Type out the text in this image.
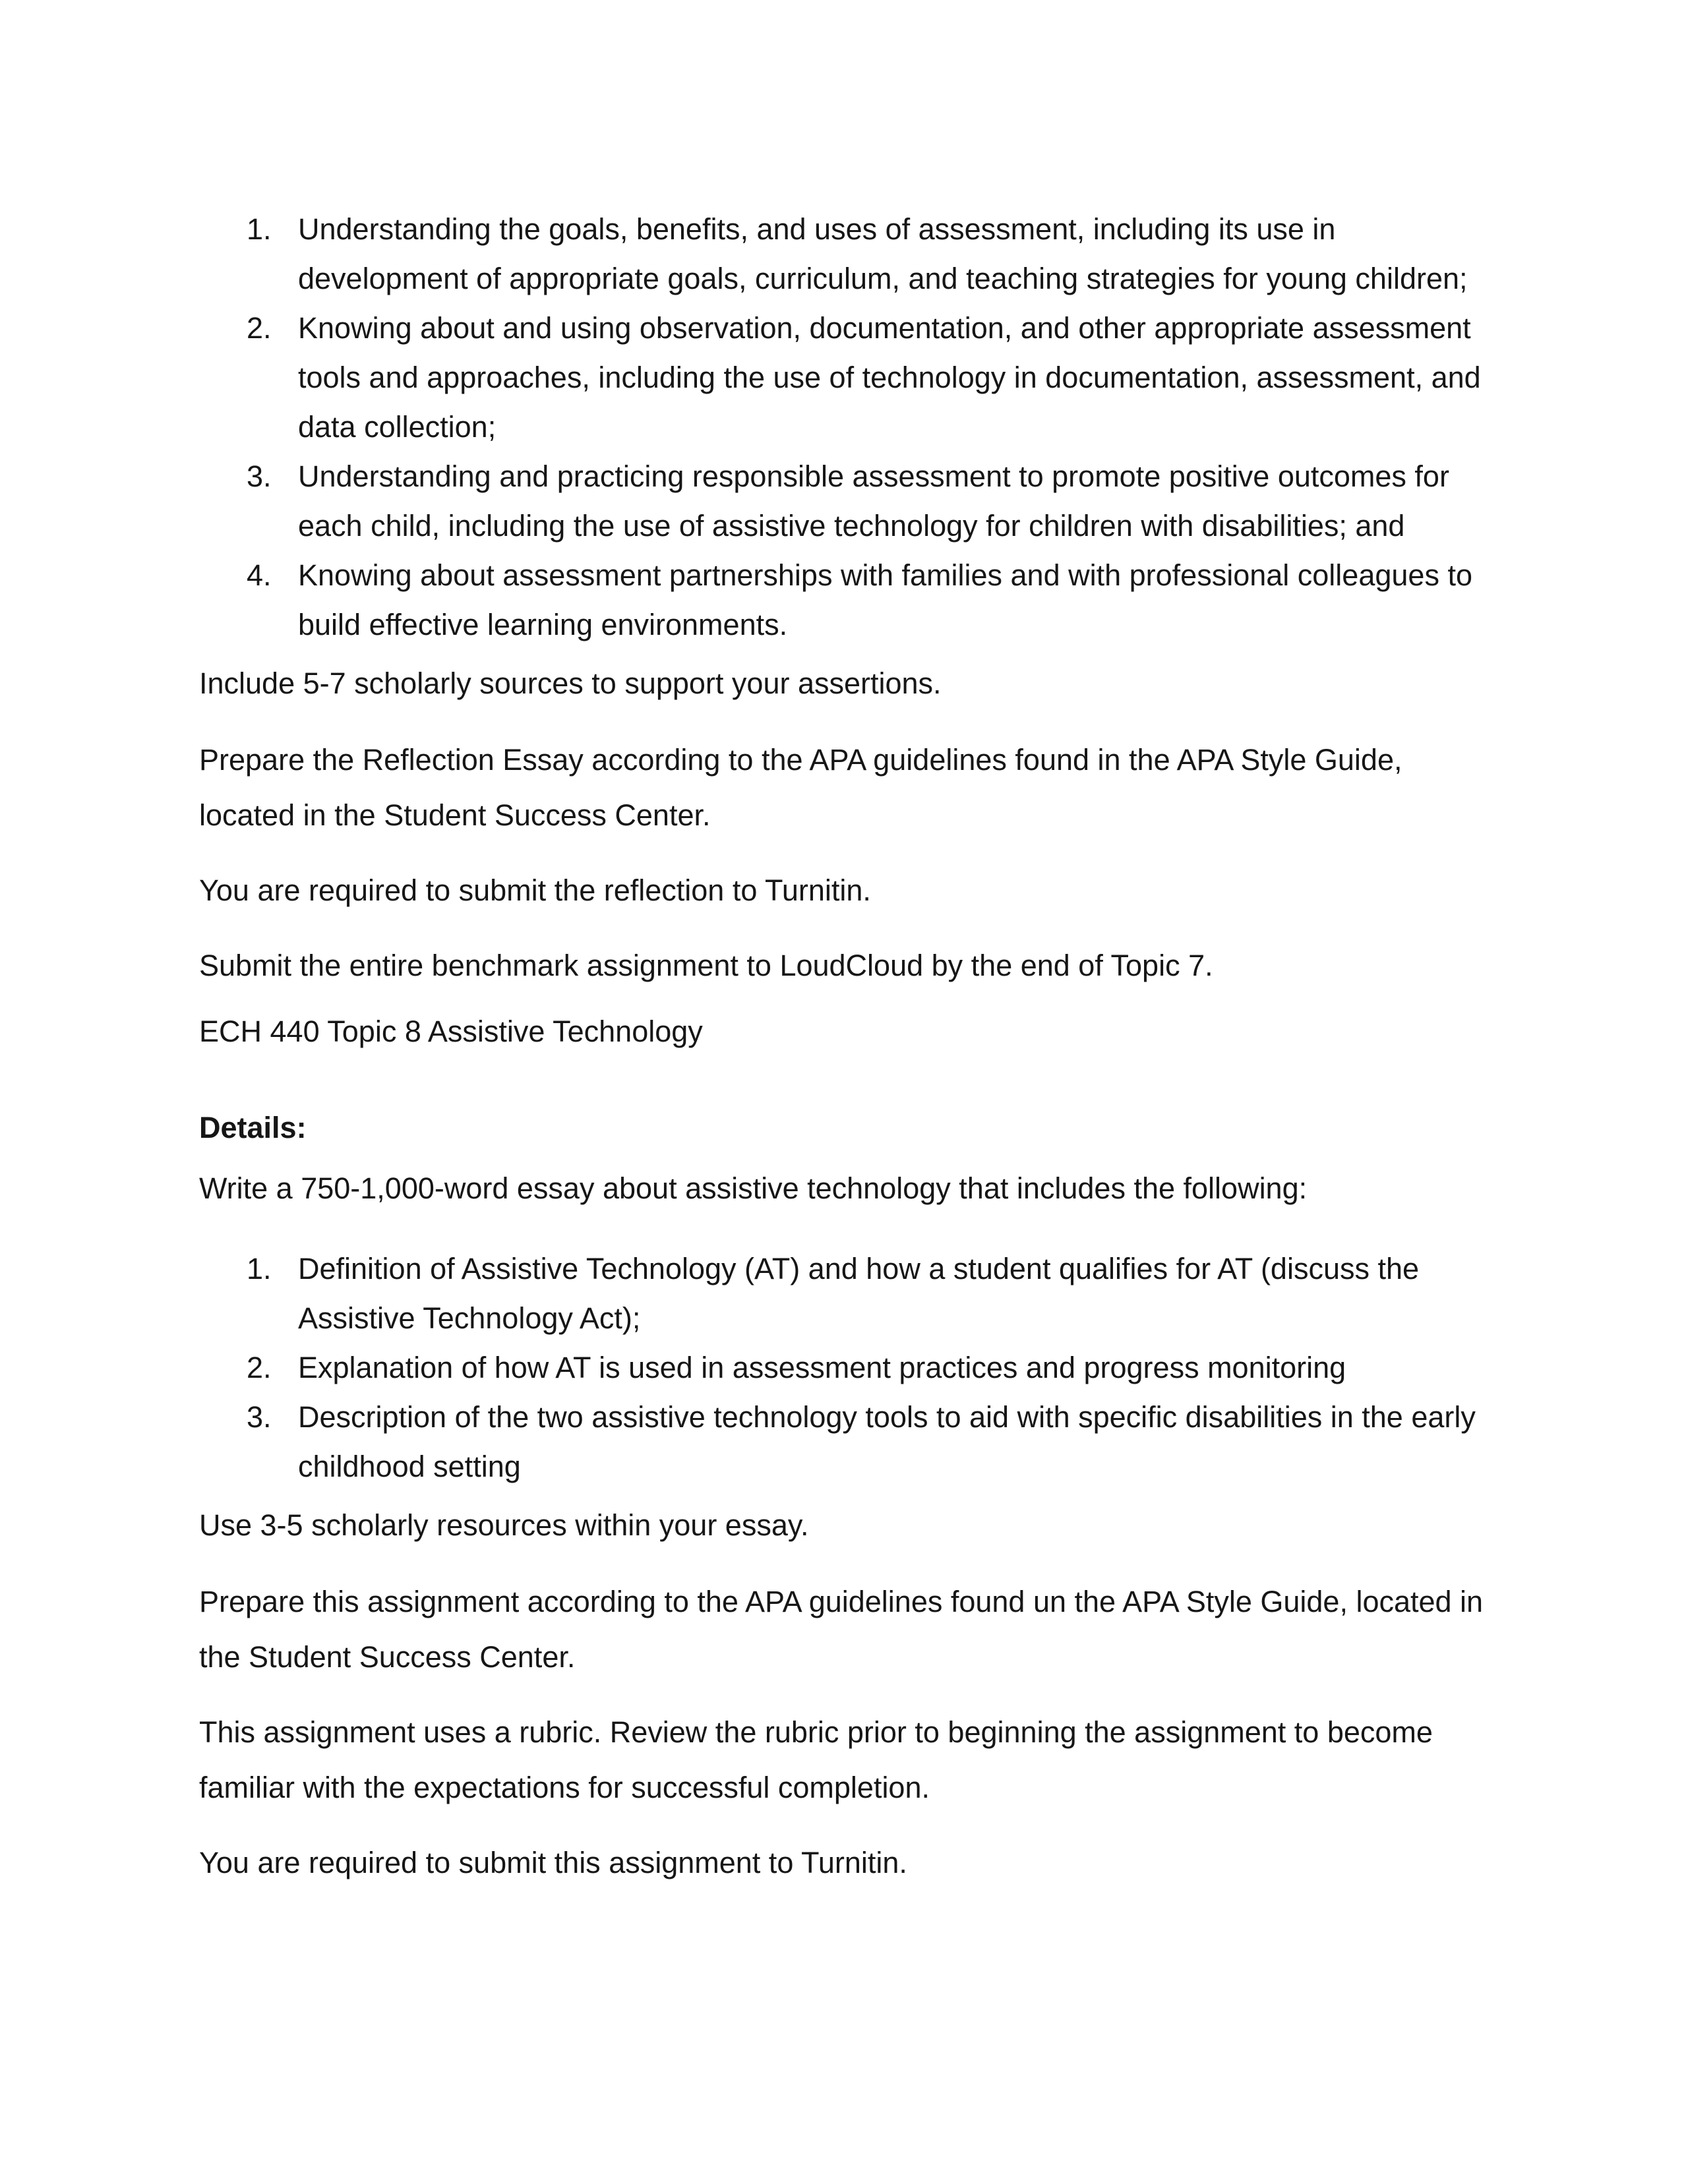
1. Understanding the goals, benefits, and uses of assessment, including its use in development of appropriate goals, curriculum, and teaching strategies for young children;
2. Knowing about and using observation, documentation, and other appropriate assessment tools and approaches, including the use of technology in documentation, assessment, and data collection;
3. Understanding and practicing responsible assessment to promote positive outcomes for each child, including the use of assistive technology for children with disabilities; and
4. Knowing about assessment partnerships with families and with professional colleagues to build effective learning environments.

Include 5-7 scholarly sources to support your assertions.

Prepare the Reflection Essay according to the APA guidelines found in the APA Style Guide, located in the Student Success Center.

You are required to submit the reflection to Turnitin.

Submit the entire benchmark assignment to LoudCloud by the end of Topic 7.

ECH 440 Topic 8 Assistive Technology

Details:

Write a 750-1,000-word essay about assistive technology that includes the following:

1. Definition of Assistive Technology (AT) and how a student qualifies for AT (discuss the Assistive Technology Act);
2. Explanation of how AT is used in assessment practices and progress monitoring
3. Description of the two assistive technology tools to aid with specific disabilities in the early childhood setting

Use 3-5 scholarly resources within your essay.

Prepare this assignment according to the APA guidelines found un the APA Style Guide, located in the Student Success Center.

This assignment uses a rubric. Review the rubric prior to beginning the assignment to become familiar with the expectations for successful completion.

You are required to submit this assignment to Turnitin.
